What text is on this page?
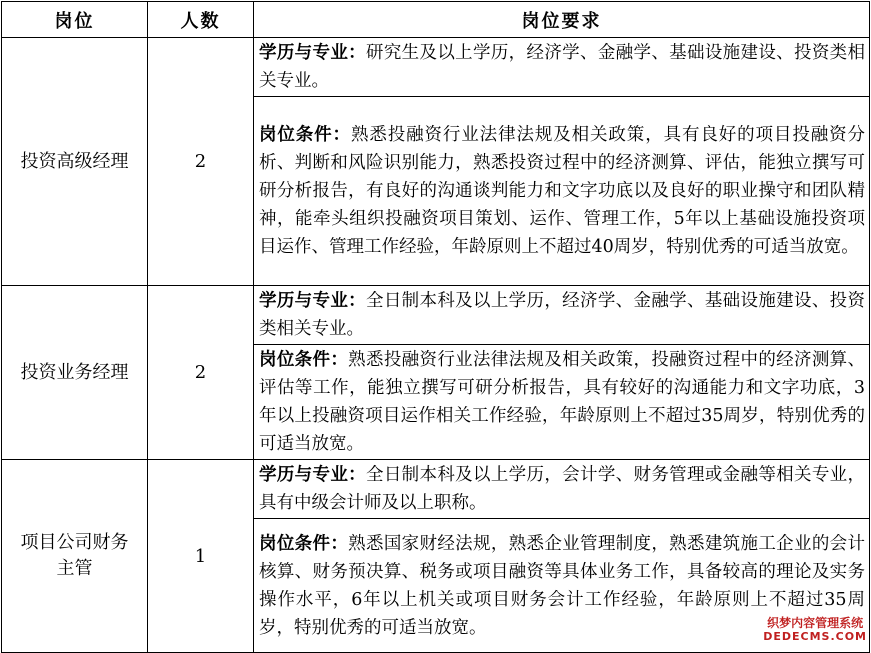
岗位	人数	岗位要求
投资高级经理	2	学历与专业：研究生及以上学历，经济学、金融学、基础设施建设、投资类相关专业。
		岗位条件：熟悉投融资行业法律法规及相关政策，具有良好的项目投融资分析、判断和风险识别能力，熟悉投资过程中的经济测算、评估，能独立撰写可研分析报告，有良好的沟通谈判能力和文字功底以及良好的职业操守和团队精神，能牵头组织投融资项目策划、运作、管理工作，5年以上基础设施投资项目运作、管理工作经验，年龄原则上不超过40周岁，特别优秀的可适当放宽。
投资业务经理	2	学历与专业：全日制本科及以上学历，经济学、金融学、基础设施建设、投资类相关专业。
		岗位条件：熟悉投融资行业法律法规及相关政策，投融资过程中的经济测算、评估等工作，能独立撰写可研分析报告，具有较好的沟通能力和文字功底，3年以上投融资项目运作相关工作经验，年龄原则上不超过35周岁，特别优秀的可适当放宽。
项目公司财务主管	1	学历与专业：全日制本科及以上学历，会计学、财务管理或金融等相关专业，具有中级会计师及以上职称。
		岗位条件：熟悉国家财经法规，熟悉企业管理制度，熟悉建筑施工企业的会计核算、财务预决算、税务或项目融资等具体业务工作，具备较高的理论及实务操作水平，6年以上机关或项目财务会计工作经验，年龄原则上不超过35周岁，特别优秀的可适当放宽。	织梦内容管理系统
DEDECMS.COM
